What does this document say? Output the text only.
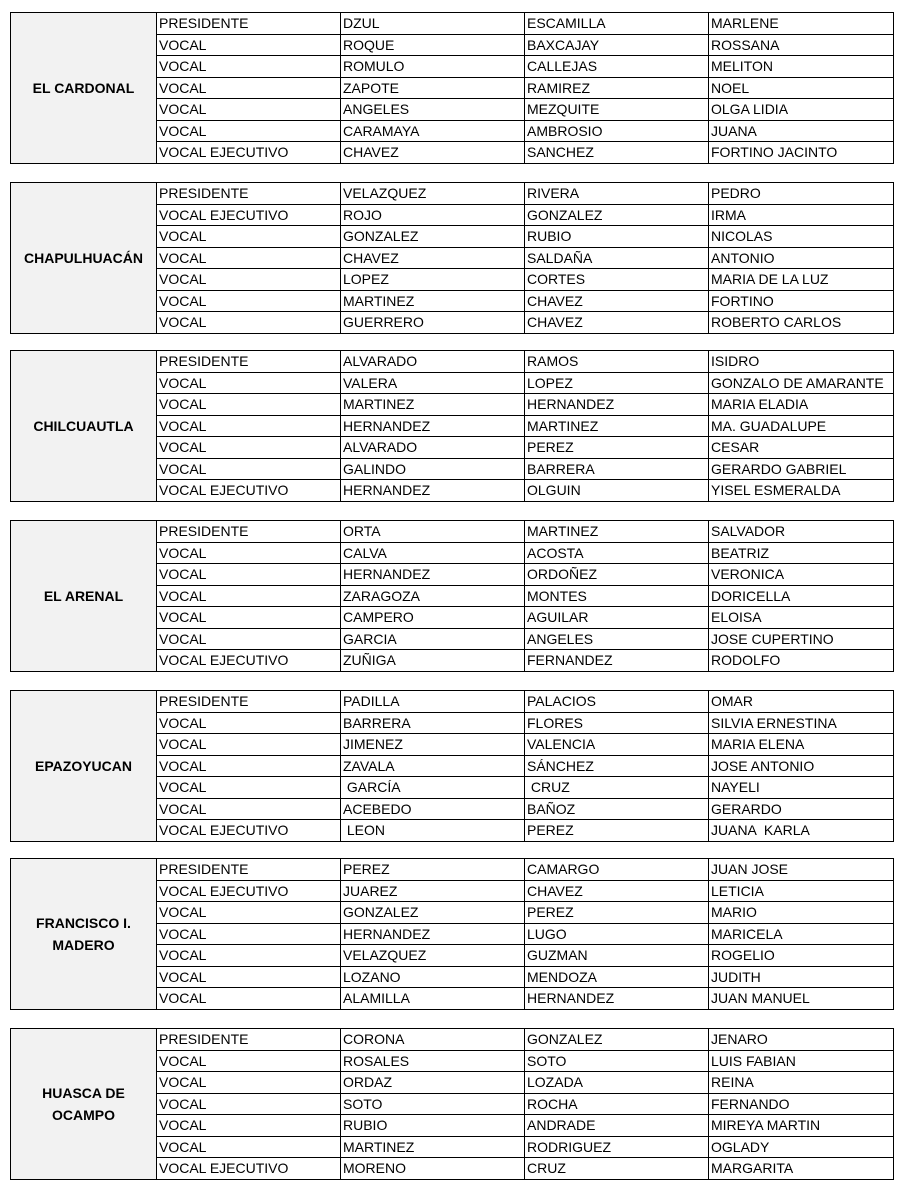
EL CARDONAL
PRESIDENTE	DZUL	ESCAMILLA	MARLENE
VOCAL	ROQUE	BAXCAJAY	ROSSANA
VOCAL	ROMULO	CALLEJAS	MELITON
VOCAL	ZAPOTE	RAMIREZ	NOEL
VOCAL	ANGELES	MEZQUITE	OLGA LIDIA
VOCAL	CARAMAYA	AMBROSIO	JUANA
VOCAL EJECUTIVO	CHAVEZ	SANCHEZ	FORTINO JACINTO
CHAPULHUACÁN
PRESIDENTE	VELAZQUEZ	RIVERA	PEDRO
VOCAL EJECUTIVO	ROJO	GONZALEZ	IRMA
VOCAL	GONZALEZ	RUBIO	NICOLAS
VOCAL	CHAVEZ	SALDAÑA	ANTONIO
VOCAL	LOPEZ	CORTES	MARIA DE LA LUZ
VOCAL	MARTINEZ	CHAVEZ	FORTINO
VOCAL	GUERRERO	CHAVEZ	ROBERTO CARLOS
CHILCUAUTLA
PRESIDENTE	ALVARADO	RAMOS	ISIDRO
VOCAL	VALERA	LOPEZ	GONZALO DE AMARANTE
VOCAL	MARTINEZ	HERNANDEZ	MARIA ELADIA
VOCAL	HERNANDEZ	MARTINEZ	MA. GUADALUPE
VOCAL	ALVARADO	PEREZ	CESAR
VOCAL	GALINDO	BARRERA	GERARDO GABRIEL
VOCAL EJECUTIVO	HERNANDEZ	OLGUIN	YISEL ESMERALDA
EL ARENAL
PRESIDENTE	ORTA	MARTINEZ	SALVADOR
VOCAL	CALVA	ACOSTA	BEATRIZ
VOCAL	HERNANDEZ	ORDOÑEZ	VERONICA
VOCAL	ZARAGOZA	MONTES	DORICELLA
VOCAL	CAMPERO	AGUILAR	ELOISA
VOCAL	GARCIA	ANGELES	JOSE CUPERTINO
VOCAL EJECUTIVO	ZUÑIGA	FERNANDEZ	RODOLFO
EPAZOYUCAN
PRESIDENTE	PADILLA	PALACIOS	OMAR
VOCAL	BARRERA	FLORES	SILVIA ERNESTINA
VOCAL	JIMENEZ	VALENCIA	MARIA ELENA
VOCAL	ZAVALA	SÁNCHEZ	JOSE ANTONIO
VOCAL	GARCÍA	CRUZ	NAYELI
VOCAL	ACEBEDO	BAÑOZ	GERARDO
VOCAL EJECUTIVO	LEON	PEREZ	JUANA  KARLA
FRANCISCO I. MADERO
PRESIDENTE	PEREZ	CAMARGO	JUAN JOSE
VOCAL EJECUTIVO	JUAREZ	CHAVEZ	LETICIA
VOCAL	GONZALEZ	PEREZ	MARIO
VOCAL	HERNANDEZ	LUGO	MARICELA
VOCAL	VELAZQUEZ	GUZMAN	ROGELIO
VOCAL	LOZANO	MENDOZA	JUDITH
VOCAL	ALAMILLA	HERNANDEZ	JUAN MANUEL
HUASCA DE OCAMPO
PRESIDENTE	CORONA	GONZALEZ	JENARO
VOCAL	ROSALES	SOTO	LUIS FABIAN
VOCAL	ORDAZ	LOZADA	REINA
VOCAL	SOTO	ROCHA	FERNANDO
VOCAL	RUBIO	ANDRADE	MIREYA MARTIN
VOCAL	MARTINEZ	RODRIGUEZ	OGLADY
VOCAL EJECUTIVO	MORENO	CRUZ	MARGARITA
